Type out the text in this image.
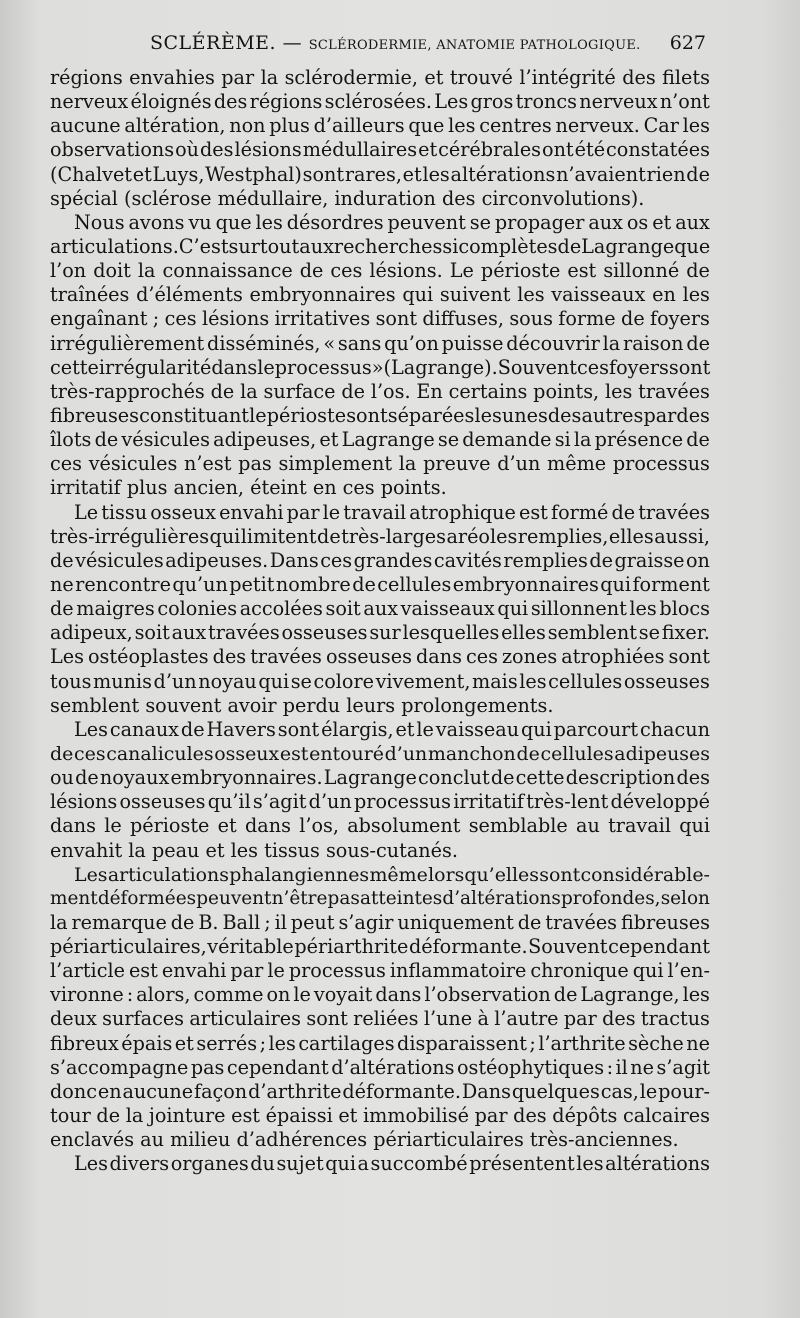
SCLÉRÈME. — SCLÉRODERMIE, ANATOMIE PATHOLOGIQUE. 627
régions envahies par la sclérodermie, et trouvé l’intégrité des filets
nerveux éloignés des régions sclérosées. Les gros troncs nerveux n’ont
aucune altération, non plus d’ailleurs que les centres nerveux. Car les
observations où des lésions médullaires et cérébrales ont été constatées
(Chalvet et Luys, Westphal) sont rares, et les altérations n’avaient rien de
spécial (sclérose médullaire, induration des circonvolutions).
Nous avons vu que les désordres peuvent se propager aux os et aux
articulations. C’est surtout aux recherches si complètes de Lagrange que
l’on doit la connaissance de ces lésions. Le périoste est sillonné de
traînées d’éléments embryonnaires qui suivent les vaisseaux en les
engaînant ; ces lésions irritatives sont diffuses, sous forme de foyers
irrégulièrement disséminés, « sans qu’on puisse découvrir la raison de
cette irrégularité dans le processus » (Lagrange). Souvent ces foyers sont
très-rapprochés de la surface de l’os. En certains points, les travées
fibreuses constituant le périoste sont séparées les unes des autres par des
îlots de vésicules adipeuses, et Lagrange se demande si la présence de
ces vésicules n’est pas simplement la preuve d’un même processus
irritatif plus ancien, éteint en ces points.
Le tissu osseux envahi par le travail atrophique est formé de travées
très-irrégulières qui limitent de très-larges aréoles remplies, elles aussi,
de vésicules adipeuses. Dans ces grandes cavités remplies de graisse on
ne rencontre qu’un petit nombre de cellules embryonnaires qui forment
de maigres colonies accolées soit aux vaisseaux qui sillonnent les blocs
adipeux, soit aux travées osseuses sur lesquelles elles semblent se fixer.
Les ostéoplastes des travées osseuses dans ces zones atrophiées sont
tous munis d’un noyau qui se colore vivement, mais les cellules osseuses
semblent souvent avoir perdu leurs prolongements.
Les canaux de Havers sont élargis, et le vaisseau qui parcourt chacun
de ces canalicules osseux est entouré d’un manchon de cellules adipeuses
ou de noyaux embryonnaires. Lagrange conclut de cette description des
lésions osseuses qu’il s’agit d’un processus irritatif très-lent développé
dans le périoste et dans l’os, absolument semblable au travail qui
envahit la peau et les tissus sous-cutanés.
Les articulations phalangiennes même lorsqu’elles sont considérable-
ment déformées peuvent n’être pas atteintes d’altérations profondes, selon
la remarque de B. Ball ; il peut s’agir uniquement de travées fibreuses
périarticulaires, véritable périarthrite déformante. Souvent cependant
l’article est envahi par le processus inflammatoire chronique qui l’en-
vironne : alors, comme on le voyait dans l’observation de Lagrange, les
deux surfaces articulaires sont reliées l’une à l’autre par des tractus
fibreux épais et serrés ; les cartilages disparaissent ; l’arthrite sèche ne
s’accompagne pas cependant d’altérations ostéophytiques : il ne s’agit
donc en aucune façon d’arthrite déformante. Dans quelques cas, le pour-
tour de la jointure est épaissi et immobilisé par des dépôts calcaires
enclavés au milieu d’adhérences périarticulaires très-anciennes.
Les divers organes du sujet qui a succombé présentent les altérations
